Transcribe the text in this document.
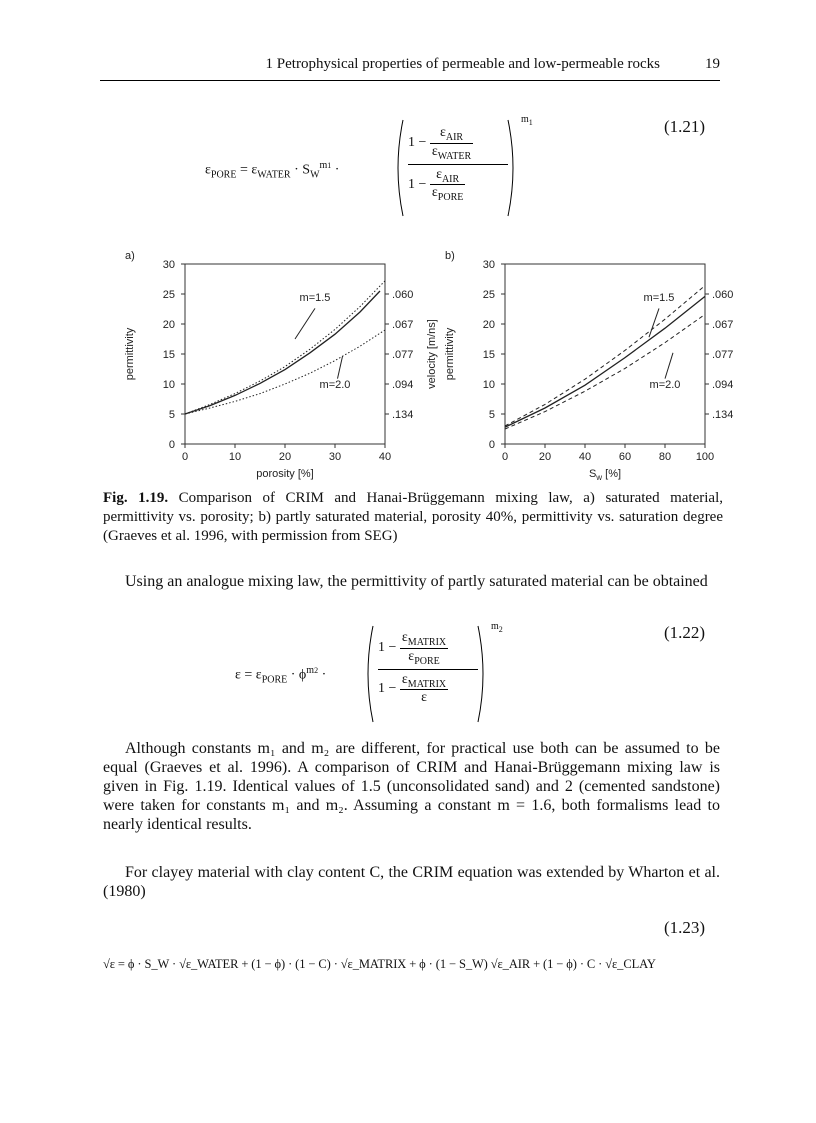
1 Petrophysical properties of permeable and low-permeable rocks	19
(1.21)
$\varepsilon_{PORE} = \varepsilon_{WATER} \cdot S_W^{m1}$ ·
$1 - \frac{\varepsilon_{AIR}}{\varepsilon_{WATER}}$
$1 - \frac{\varepsilon_{AIR}}{\varepsilon_{PORE}}$
$m_1$
a)
0
5
10
15
20
25
30
0	10	20	30	40
.060
.067
.077
.094
.134
permittivity	velocity [m/ns]
porosity [%]
m=1.5
m=2.0
b)
0
5
10
15
20
25
30
0	20	40	60	80 100
.060
.067
.077
.094
.134
permittivity
$S_w$ [%]
m=1.5
m=2.0
Fig. 1.19. Comparison of CRIM and Hanai-Brüggemann mixing law, a) saturated material, permittivity vs. porosity; b) partly saturated material, porosity 40%, permittivity vs. saturation degree (Graeves et al. 1996, with permission from SEG)
Using an analogue mixing law, the permittivity of partly saturated material can be obtained
(1.22)
$\varepsilon = \varepsilon_{PORE} \cdot \phi^{m2}$ ·
1 −
$\frac{\varepsilon_{MATRIX}}{\varepsilon_{PORE}}$
1 −
$\frac{\varepsilon_{MATRIX}}{\varepsilon}$
$m_2$
Although constants m₁ and m₂ are different, for practical use both can be assumed to be equal (Graeves et al. 1996). A comparison of CRIM and Hanai-Brüggemann mixing law is given in Fig. 1.19. Identical values of 1.5 (unconsolidated sand) and 2 (cemented sandstone) were taken for constants m₁ and m₂. Assuming a constant m = 1.6, both formalisms lead to nearly identical results.
For clayey material with clay content C, the CRIM equation was extended by Wharton et al. (1980)
(1.23)
√ε = ϕ · S_W · √ε_WATER + (1 − ϕ) · (1 − C) · √ε_MATRIX + ϕ · (1 − S_W) √ε_AIR + (1 − ϕ) · C · √ε_CLAY
